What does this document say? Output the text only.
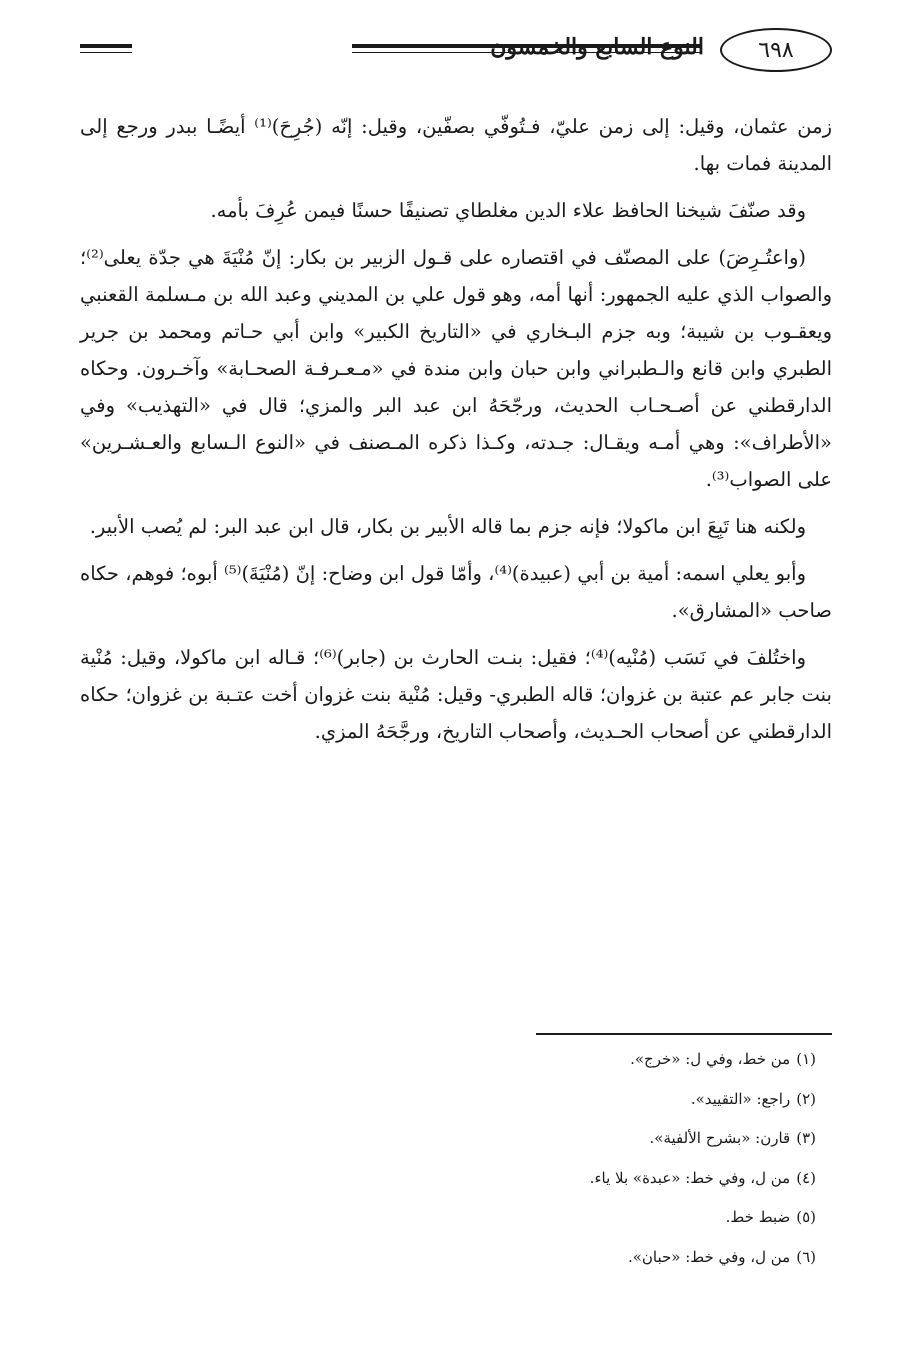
النوع السابع والخمسون	٦٩٨

زمن عثمان، وقيل: إلى زمن عليّ، فـتُوفّي بصفّين، وقيل: إنّه (جُرِحَ)⁽¹⁾ أيضًـا ببدر ورجع إلى المدينة فمات بها.

وقد صنّفَ شيخنا الحافظ علاء الدين مغلطاي تصنيفًا حسنًا فيمن عُرِفَ بأمه.

(واعتُـرِضَ) على المصنّف في اقتصاره على قـول الزبير بن بكار: إنّ مُنْيَةَ هي جدّة يعلى⁽²⁾؛ والصواب الذي عليه الجمهور: أنها أمه، وهو قول علي بن المديني وعبد الله بن مـسلمة القعنبي ويعقـوب بن شيبة؛ وبه جزم البـخاري في «التاريخ الكبير» وابن أبي حـاتم ومحمد بن جرير الطبري وابن قانع والـطبراني وابن حبان وابن مندة في «مـعـرفـة الصحـابة» وآخـرون. وحكاه الدارقطني عن أصـحـاب الحديث، ورجّحَهُ ابن عبد البر والمزي؛ قال في «التهذيب» وفي «الأطراف»: وهي أمـه ويقـال: جـدته، وكـذا ذكره المـصنف في «النوع الـسابع والعـشـرين» على الصواب⁽³⁾.

ولكنه هنا تَبِعَ ابن ماكولا؛ فإنه جزم بما قاله الأبير بن بكار، قال ابن عبد البر: لم يُصب الأبير.

وأبو يعلي اسمه: أمية بن أبي (عبيدة)⁽⁴⁾، وأمّا قول ابن وضاح: إنّ (مُنْيَةَ)⁽⁵⁾ أبوه؛ فوهم، حكاه صاحب «المشارق».

واختُلفَ في نَسَب (مُنْيه)⁽⁴⁾؛ فقيل: بنـت الحارث بن (جابر)⁽⁶⁾؛ قـاله ابن ماكولا، وقيل: مُنْية بنت جابر عم عتبة بن غزوان؛ قاله الطبري- وقيل: مُنْية بنت غزوان أخت عتـبة بن غزوان؛ حكاه الدارقطني عن أصحاب الحـديث، وأصحاب التاريخ، ورجَّحَهُ المزي.

(١)من خط، وفي ل: «خرج».
(٢)راجع: «التقييد».
(٣)قارن: «بشرح الألفية».
(٤)من ل، وفي خط: «عبدة» بلا ياء.
(٥)ضبط خط.
(٦)من ل، وفي خط: «حبان».
